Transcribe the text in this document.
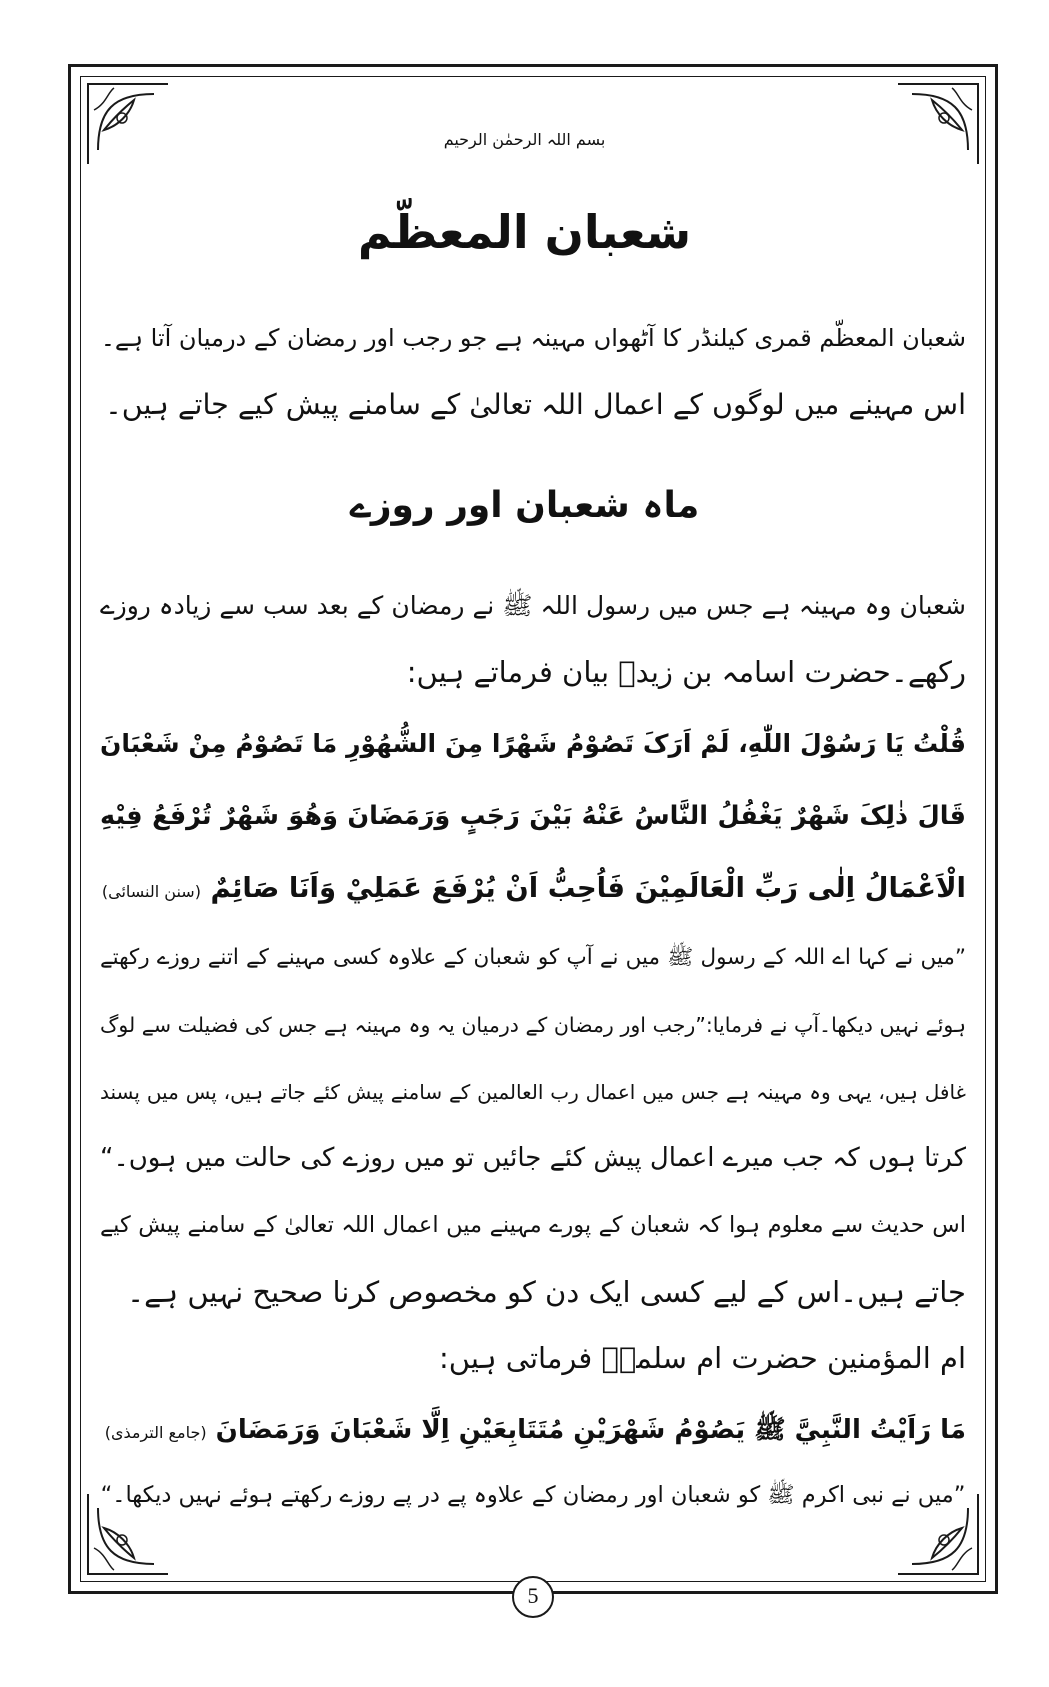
بسم اللہ الرحمٰن الرحیم
شعبان المعظّم
شعبان المعظّم قمری کیلنڈر کا آٹھواں مہینہ ہے جو رجب اور رمضان کے درمیان آتا ہے۔
اس مہینے میں لوگوں کے اعمال اللہ تعالیٰ کے سامنے پیش کیے جاتے ہیں۔
شعبان وہ مہینہ ہے جس میں رسول اللہ ﷺ نے رمضان کے بعد سب سے زیادہ روزے
رکھے۔حضرت اسامہ بن زیدؓ بیان فرماتے ہیں:
قُلْتُ يَا رَسُوْلَ اللّٰهِ، لَمْ اَرَکَ تَصُوْمُ شَهْرًا مِنَ الشُّهُوْرِ مَا تَصُوْمُ مِنْ شَعْبَانَ
قَالَ ذٰلِکَ شَهْرٌ يَغْفُلُ النَّاسُ عَنْهُ بَيْنَ رَجَبٍ وَرَمَضَانَ وَهُوَ شَهْرٌ تُرْفَعُ فِيْهِ
الْاَعْمَالُ اِلٰى رَبِّ الْعَالَمِيْنَ فَاُحِبُّ اَنْ يُرْفَعَ عَمَلِيْ وَاَنَا صَائِمٌ (سنن النسائی)
”میں نے کہا اے اللہ کے رسول ﷺ میں نے آپ کو شعبان کے علاوہ کسی مہینے کے اتنے روزے رکھتے
ہوئے نہیں دیکھا۔آپ نے فرمایا:”رجب اور رمضان کے درمیان یہ وہ مہینہ ہے جس کی فضیلت سے لوگ
غافل ہیں، یہی وہ مہینہ ہے جس میں اعمال رب العالمین کے سامنے پیش کئے جاتے ہیں، پس میں پسند
کرتا ہوں کہ جب میرے اعمال پیش کئے جائیں تو میں روزے کی حالت میں ہوں۔“
اس حدیث سے معلوم ہوا کہ شعبان کے پورے مہینے میں اعمال اللہ تعالیٰ کے سامنے پیش کیے
جاتے ہیں۔اس کے لیے کسی ایک دن کو مخصوص کرنا صحیح نہیں ہے۔
ام المؤمنین حضرت ام سلمہؓ فرماتی ہیں:
مَا رَاَيْتُ النَّبِيَّ ﷺ يَصُوْمُ شَهْرَيْنِ مُتَتَابِعَيْنِ اِلَّا شَعْبَانَ وَرَمَضَانَ (جامع الترمذی)
”میں نے نبی اکرم ﷺ کو شعبان اور رمضان کے علاوہ پے در پے روزے رکھتے ہوئے نہیں دیکھا۔“
ماہ شعبان اور روزے
5
